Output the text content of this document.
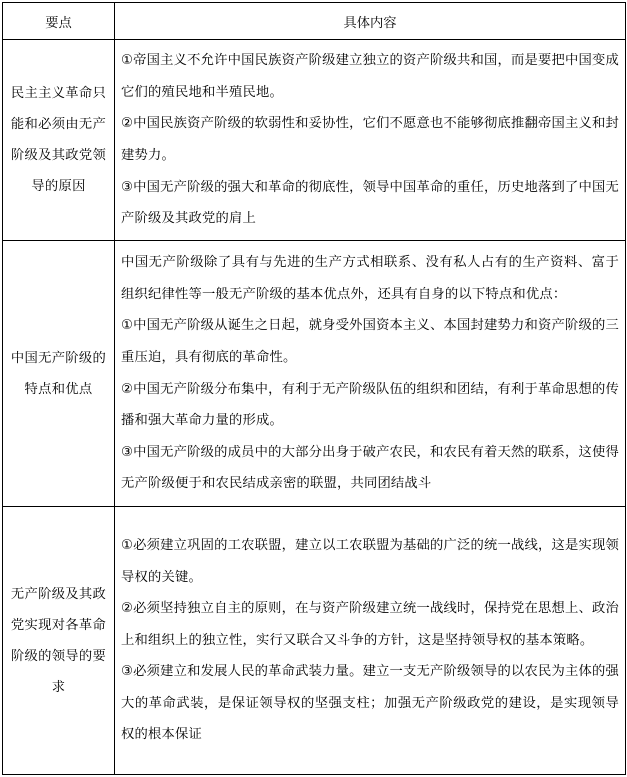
要点	具体内容
民主主义革命只能和必须由无产阶级及其政党领导的原因	①帝国主义不允许中国民族资产阶级建立独立的资产阶级共和国，而是要把中国变成它们的殖民地和半殖民地。
②中国民族资产阶级的软弱性和妥协性，它们不愿意也不能够彻底推翻帝国主义和封建势力。
③中国无产阶级的强大和革命的彻底性，领导中国革命的重任，历史地落到了中国无产阶级及其政党的肩上

中国无产阶级的特点和优点	中国无产阶级除了具有与先进的生产方式相联系、没有私人占有的生产资料、富于组织纪律性等一般无产阶级的基本优点外，还具有自身的以下特点和优点：
①中国无产阶级从诞生之日起，就身受外国资本主义、本国封建势力和资产阶级的三重压迫，具有彻底的革命性。
②中国无产阶级分布集中，有利于无产阶级队伍的组织和团结，有利于革命思想的传播和强大革命力量的形成。
③中国无产阶级的成员中的大部分出身于破产农民，和农民有着天然的联系，这使得无产阶级便于和农民结成亲密的联盟，共同团结战斗

无产阶级及其政党实现对各革命阶级的领导的要求	①必须建立巩固的工农联盟，建立以工农联盟为基础的广泛的统一战线，这是实现领导权的关键。
②必须坚持独立自主的原则，在与资产阶级建立统一战线时，保持党在思想上、政治上和组织上的独立性，实行又联合又斗争的方针，这是坚持领导权的基本策略。
③必须建立和发展人民的革命武装力量。建立一支无产阶级领导的以农民为主体的强大的革命武装，是保证领导权的坚强支柱；加强无产阶级政党的建设，是实现领导权的根本保证
